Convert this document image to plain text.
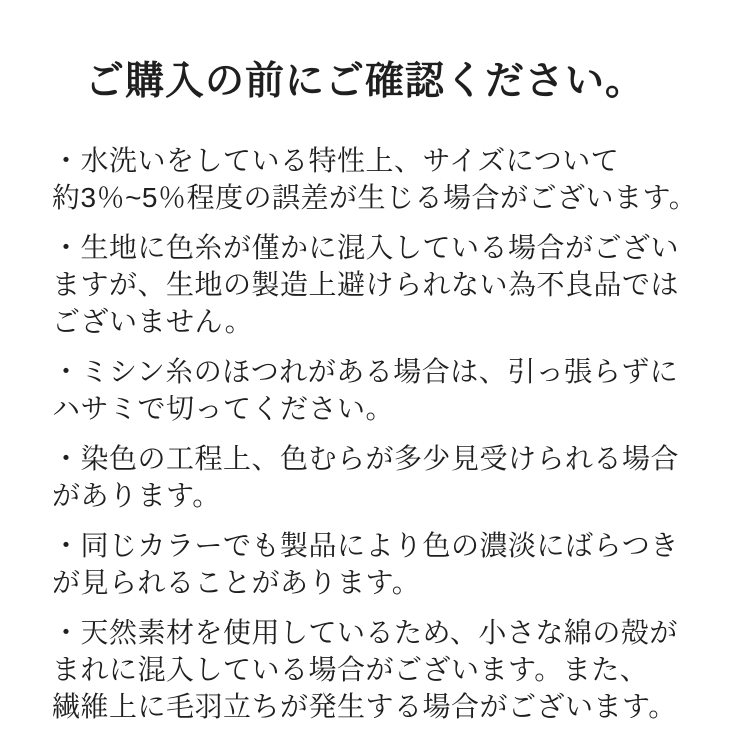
ご購入の前にご確認ください。

・水洗いをしている特性上、サイズについて
約3％~5％程度の誤差が生じる場合がございます。

・生地に色糸が僅かに混入している場合がござい
ますが、生地の製造上避けられない為不良品では
ございません。

・ミシン糸のほつれがある場合は、引っ張らずに
ハサミで切ってください。

・染色の工程上、色むらが多少見受けられる場合
があります。

・同じカラーでも製品により色の濃淡にばらつき
が見られることがあります。

・天然素材を使用しているため、小さな綿の殻が
まれに混入している場合がございます。また、
繊維上に毛羽立ちが発生する場合がございます。
